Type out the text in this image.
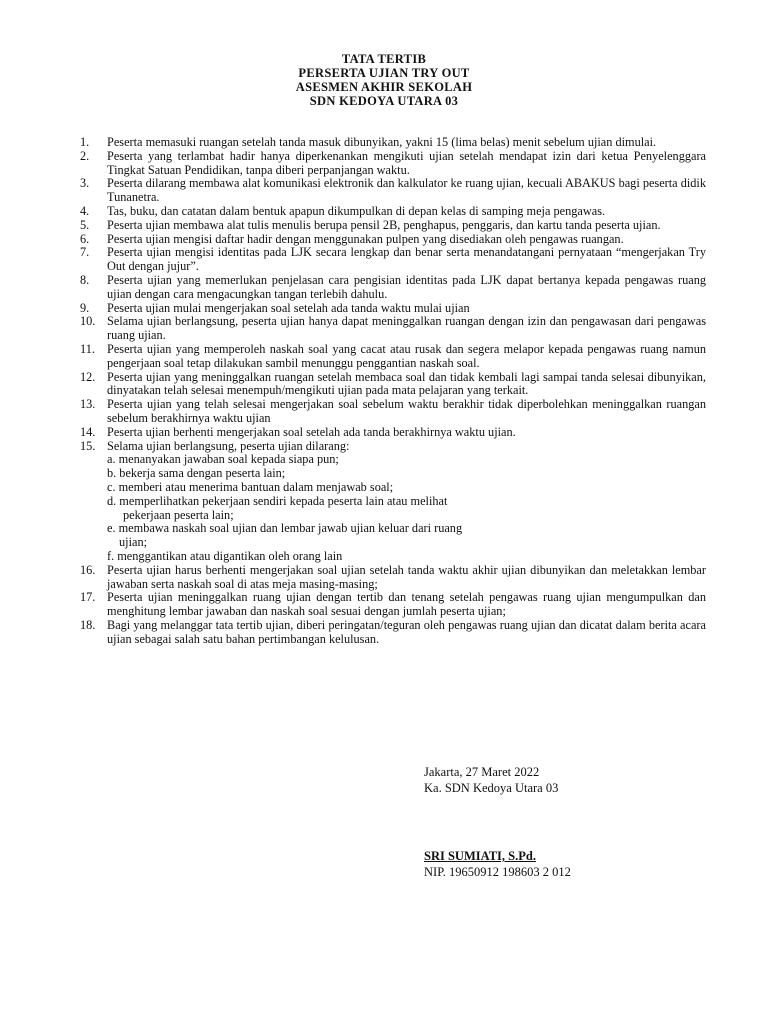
TATA TERTIB
PERSERTA UJIAN TRY OUT
ASESMEN AKHIR SEKOLAH
SDN KEDOYA UTARA 03
1. Peserta memasuki ruangan setelah tanda masuk dibunyikan, yakni 15 (lima belas) menit sebelum ujian dimulai.
2. Peserta yang terlambat hadir hanya diperkenankan mengikuti ujian setelah mendapat izin dari ketua Penyelenggara Tingkat Satuan Pendidikan, tanpa diberi perpanjangan waktu.
3. Peserta dilarang membawa alat komunikasi elektronik dan kalkulator ke ruang ujian, kecuali ABAKUS bagi peserta didik Tunanetra.
4. Tas, buku, dan catatan dalam bentuk apapun dikumpulkan di depan kelas di samping meja pengawas.
5. Peserta ujian membawa alat tulis menulis berupa pensil 2B, penghapus, penggaris, dan kartu tanda peserta ujian.
6. Peserta ujian mengisi daftar hadir dengan menggunakan pulpen yang disediakan oleh pengawas ruangan.
7. Peserta ujian mengisi identitas pada LJK secara lengkap dan benar serta menandatangani pernyataan “mengerjakan Try Out dengan jujur”.
8. Peserta ujian yang memerlukan penjelasan cara pengisian identitas pada LJK dapat bertanya kepada pengawas ruang ujian dengan cara mengacungkan tangan terlebih dahulu.
9. Peserta ujian mulai mengerjakan soal setelah ada tanda waktu mulai ujian
10. Selama ujian berlangsung, peserta ujian hanya dapat meninggalkan ruangan dengan izin dan pengawasan dari pengawas ruang ujian.
11. Peserta ujian yang memperoleh naskah soal yang cacat atau rusak dan segera melapor kepada pengawas ruang namun pengerjaan soal tetap dilakukan sambil menunggu penggantian naskah soal.
12. Peserta ujian yang meninggalkan ruangan setelah membaca soal dan tidak kembali lagi sampai tanda selesai dibunyikan, dinyatakan telah selesai menempuh/mengikuti ujian pada mata pelajaran yang terkait.
13. Peserta ujian yang telah selesai mengerjakan soal sebelum waktu berakhir tidak diperbolehkan meninggalkan ruangan sebelum berakhirnya waktu ujian
14. Peserta ujian berhenti mengerjakan soal setelah ada tanda berakhirnya waktu ujian.
15. Selama ujian berlangsung, peserta ujian dilarang:
a. menanyakan jawaban soal kepada siapa pun;
b. bekerja sama dengan peserta lain;
c. memberi atau menerima bantuan dalam menjawab soal;
d. memperlihatkan pekerjaan sendiri kepada peserta lain atau melihat
pekerjaan peserta lain;
e. membawa naskah soal ujian dan lembar jawab ujian keluar dari ruang
ujian;
f. menggantikan atau digantikan oleh orang lain
16. Peserta ujian harus berhenti mengerjakan soal ujian setelah tanda waktu akhir ujian dibunyikan dan meletakkan lembar jawaban serta naskah soal di atas meja masing-masing;
17. Peserta ujian meninggalkan ruang ujian dengan tertib dan tenang setelah pengawas ruang ujian mengumpulkan dan menghitung lembar jawaban dan naskah soal sesuai dengan jumlah peserta ujian;
18. Bagi yang melanggar tata tertib ujian, diberi peringatan/teguran oleh pengawas ruang ujian dan dicatat dalam berita acara ujian sebagai salah satu bahan pertimbangan kelulusan.
Jakarta, 27 Maret 2022
Ka. SDN Kedoya Utara 03
SRI SUMIATI, S.Pd.
NIP. 19650912 198603 2 012
